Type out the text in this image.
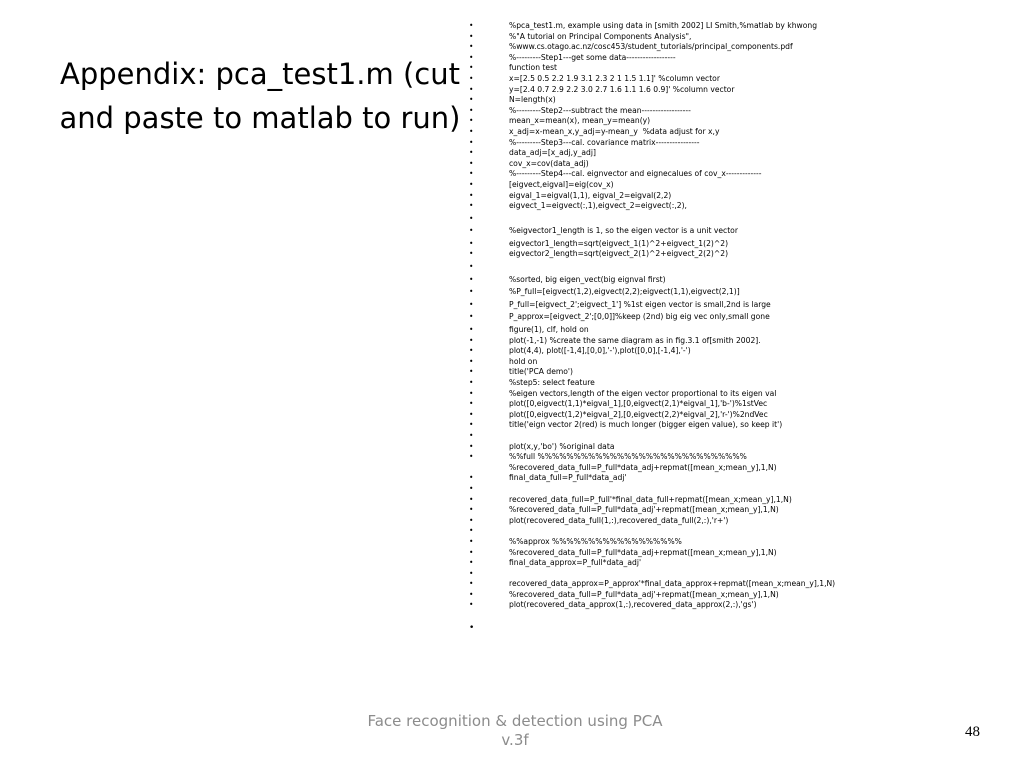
Appendix: pca_test1.m (cut and paste to matlab to run)
• %pca_test1.m, example using data in [smith 2002] LI Smith,%matlab by khwong
• %"A tutorial on Principal Components Analysis",
• %www.cs.otago.ac.nz/cosc453/student_tutorials/principal_components.pdf
• %---------Step1---get some data------------------
• function test
• x=[2.5 0.5 2.2 1.9 3.1 2.3 2 1 1.5 1.1]' %column vector
• y=[2.4 0.7 2.9 2.2 3.0 2.7 1.6 1.1 1.6 0.9]' %column vector
• N=length(x)
• %---------Step2---subtract the mean------------------
• mean_x=mean(x), mean_y=mean(y)
• x_adj=x-mean_x,y_adj=y-mean_y  %data adjust for x,y
• %---------Step3---cal. covariance matrix----------------
• data_adj=[x_adj,y_adj]
• cov_x=cov(data_adj)
• %---------Step4---cal. eignvector and eignecalues of cov_x-------------
• [eigvect,eigval]=eig(cov_x)
• eigval_1=eigval(1,1), eigval_2=eigval(2,2)
• eigvect_1=eigvect(:,1),eigvect_2=eigvect(:,2),
•
• %eigvector1_length is 1, so the eigen vector is a unit vector
• eigvector1_length=sqrt(eigvect_1(1)^2+eigvect_1(2)^2)
• eigvector2_length=sqrt(eigvect_2(1)^2+eigvect_2(2)^2)
•
• %sorted, big eigen_vect(big eignval first)
• %P_full=[eigvect(1,2),eigvect(2,2);eigvect(1,1),eigvect(2,1)]
• P_full=[eigvect_2';eigvect_1'] %1st eigen vector is small,2nd is large
• P_approx=[eigvect_2';[0,0]]%keep (2nd) big eig vec only,small gone
• figure(1), clf, hold on
• plot(-1,-1) %create the same diagram as in fig.3.1 of[smith 2002].
• plot(4,4), plot([-1,4],[0,0],'-'),plot([0,0],[-1,4],'-')
• hold on
• title('PCA demo')
• %step5: select feature
• %eigen vectors,length of the eigen vector proportional to its eigen val
• plot([0,eigvect(1,1)*eigval_1],[0,eigvect(2,1)*eigval_1],'b-')%1stVec
• plot([0,eigvect(1,2)*eigval_2],[0,eigvect(2,2)*eigval_2],'r-')%2ndVec
• title('eign vector 2(red) is much longer (bigger eigen value), so keep it')
•
• plot(x,y,'bo') %original data
• %%full %%%%%%%%%%%%%%%%%%%%%%%%%%%%%
%recovered_data_full=P_full*data_adj+repmat([mean_x;mean_y],1,N)
• final_data_full=P_full*data_adj'
•
• recovered_data_full=P_full'*final_data_full+repmat([mean_x;mean_y],1,N)
• %recovered_data_full=P_full*data_adj'+repmat([mean_x;mean_y],1,N)
• plot(recovered_data_full(1,:),recovered_data_full(2,:),'r+')
•
• %%approx %%%%%%%%%%%%%%%%%%
• %recovered_data_full=P_full*data_adj+repmat([mean_x;mean_y],1,N)
• final_data_approx=P_full*data_adj'
•
• recovered_data_approx=P_approx'*final_data_approx+repmat([mean_x;mean_y],1,N)
• %recovered_data_full=P_full*data_adj'+repmat([mean_x;mean_y],1,N)
• plot(recovered_data_approx(1,:),recovered_data_approx(2,:),'gs')
•
Face recognition & detection using PCA
v.3f	48
